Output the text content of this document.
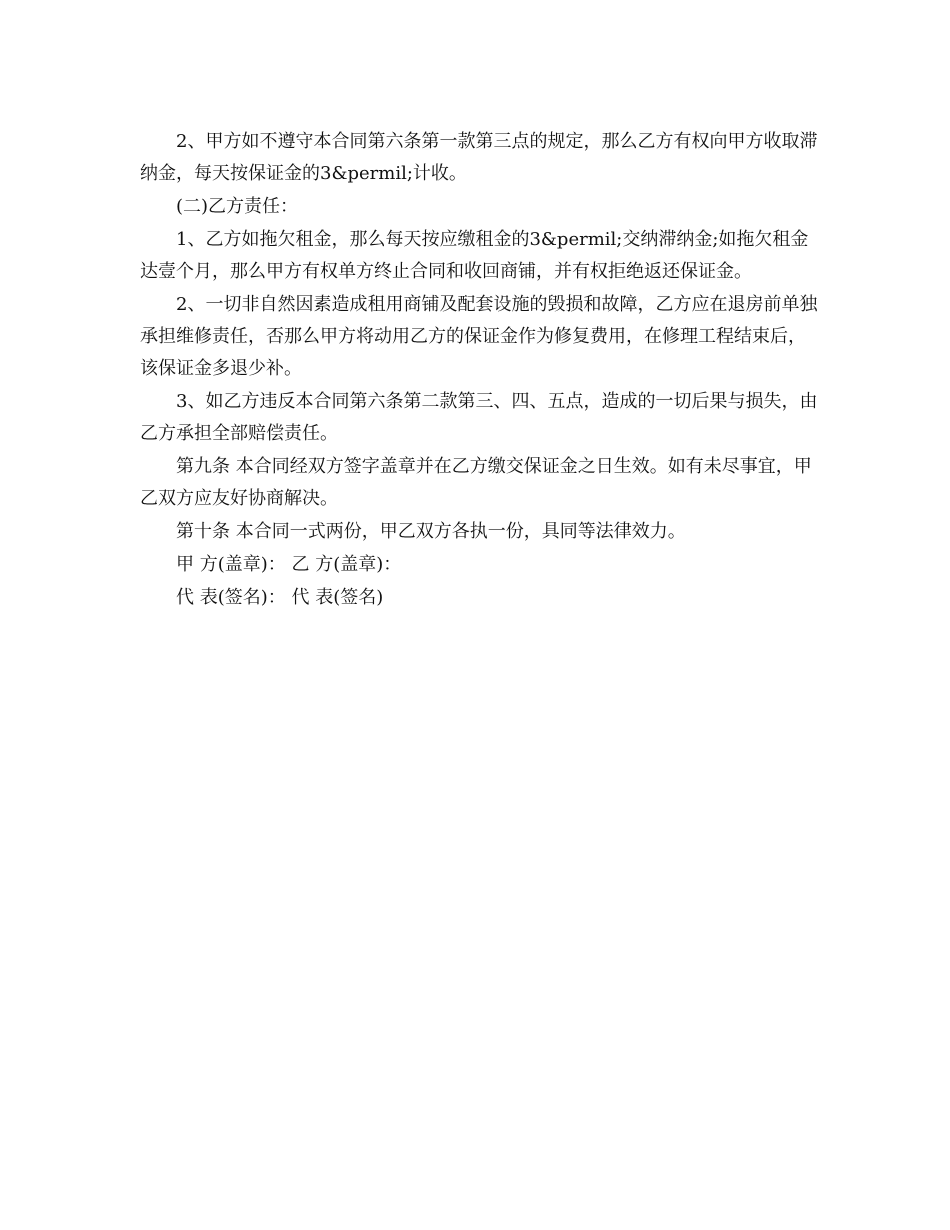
2、甲方如不遵守本合同第六条第一款第三点的规定，那么乙方有权向甲方收取滞纳金，每天按保证金的3&permil;计收。

(二)乙方责任：

1、乙方如拖欠租金，那么每天按应缴租金的3&permil;交纳滞纳金;如拖欠租金达壹个月，那么甲方有权单方终止合同和收回商铺，并有权拒绝返还保证金。

2、一切非自然因素造成租用商铺及配套设施的毁损和故障，乙方应在退房前单独承担维修责任，否那么甲方将动用乙方的保证金作为修复费用，在修理工程结束后，该保证金多退少补。

3、如乙方违反本合同第六条第二款第三、四、五点，造成的一切后果与损失，由乙方承担全部赔偿责任。

第九条 本合同经双方签字盖章并在乙方缴交保证金之日生效。如有未尽事宜，甲乙双方应友好协商解决。

第十条 本合同一式两份，甲乙双方各执一份，具同等法律效力。

甲 方(盖章)： 乙 方(盖章)：

代 表(签名)： 代 表(签名)
